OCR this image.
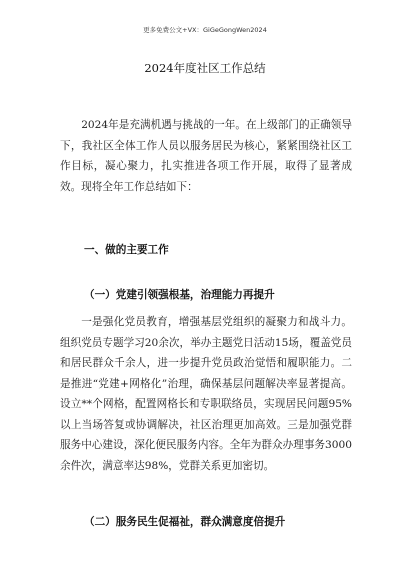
更多免费公文+VX：GiGeGongWen2024
2024年度社区工作总结
2024年是充满机遇与挑战的一年。在上级部门的正确领导下，我社区全体工作人员以服务居民为核心，紧紧围绕社区工作目标，凝心聚力，扎实推进各项工作开展，取得了显著成效。现将全年工作总结如下：
一、做的主要工作
（一）党建引领强根基，治理能力再提升
一是强化党员教育，增强基层党组织的凝聚力和战斗力。组织党员专题学习20余次，举办主题党日活动15场，覆盖党员和居民群众千余人，进一步提升党员政治觉悟和履职能力。二是推进“党建+网格化”治理，确保基层问题解决率显著提高。设立**个网格，配置网格长和专职联络员，实现居民问题95%以上当场答复或协调解决，社区治理更加高效。三是加强党群服务中心建设，深化便民服务内容。全年为群众办理事务3000余件次，满意率达98%，党群关系更加密切。
（二）服务民生促福祉，群众满意度倍提升
